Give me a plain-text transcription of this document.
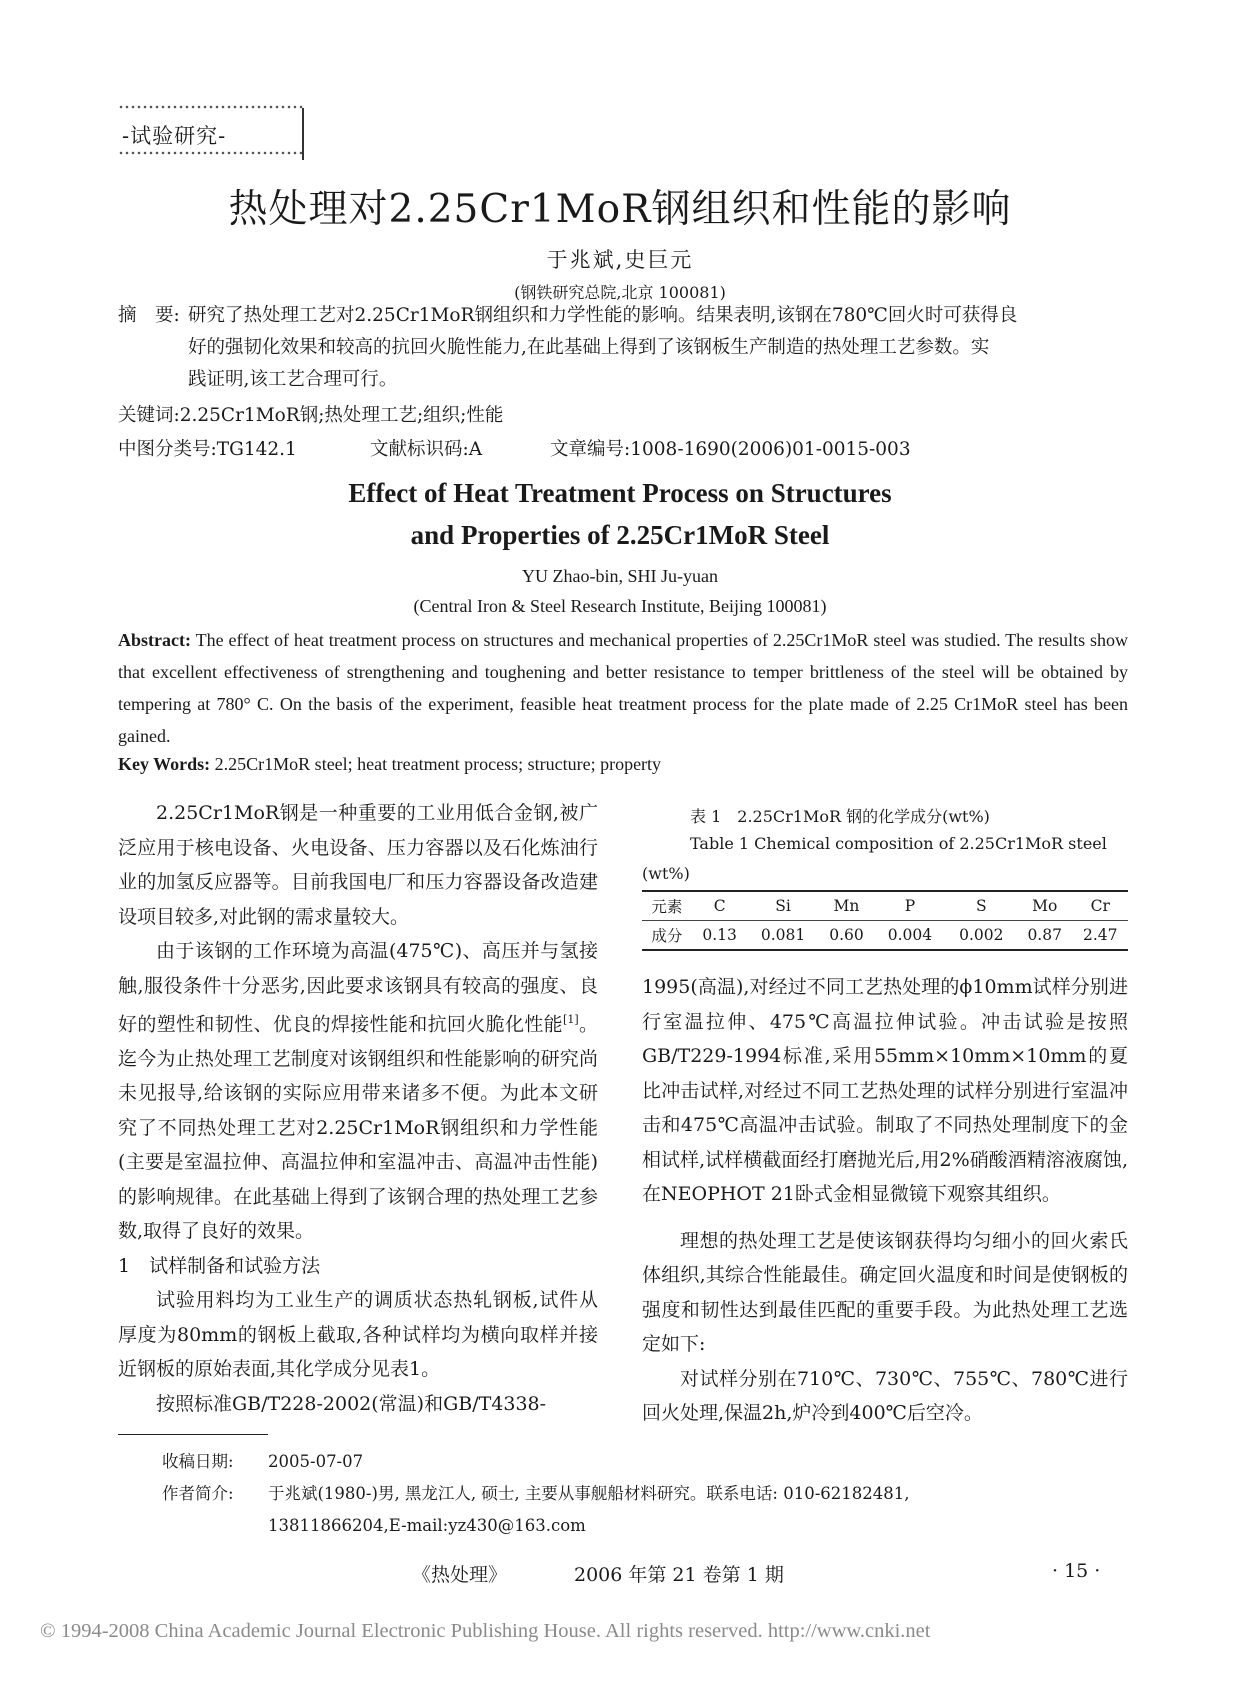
-试验研究-
热处理对2.25Cr1MoR钢组织和性能的影响
于兆斌,史巨元
(钢铁研究总院,北京 100081)
摘　要: 研究了热处理工艺对2.25Cr1MoR钢组织和力学性能的影响。结果表明,该钢在780℃回火时可获得良
好的强韧化效果和较高的抗回火脆性能力,在此基础上得到了该钢板生产制造的热处理工艺参数。实
践证明,该工艺合理可行。
关键词:2.25Cr1MoR钢;热处理工艺;组织;性能
中图分类号:TG142.1	文献标识码:A	文章编号:1008-1690(2006)01-0015-003
Effect of Heat Treatment Process on Structures
and Properties of 2.25Cr1MoR Steel
YU Zhao-bin, SHI Ju-yuan
(Central Iron & Steel Research Institute, Beijing 100081)
Abstract: The effect of heat treatment process on structures and mechanical properties of 2.25Cr1MoR steel was studied. The results show that excellent effectiveness of strengthening and toughening and better resistance to temper brittleness of the steel will be obtained by tempering at 780° C. On the basis of the experiment, feasible heat treatment process for the plate made of 2.25 Cr1MoR steel has been gained.
Key Words: 2.25Cr1MoR steel; heat treatment process; structure; property

2.25Cr1MoR钢是一种重要的工业用低合金钢,被广泛应用于核电设备、火电设备、压力容器以及石化炼油行业的加氢反应器等。目前我国电厂和压力容器设备改造建设项目较多,对此钢的需求量较大。

由于该钢的工作环境为高温(475℃)、高压并与氢接触,服役条件十分恶劣,因此要求该钢具有较高的强度、良好的塑性和韧性、优良的焊接性能和抗回火脆化性能[1]。迄今为止热处理工艺制度对该钢组织和性能影响的研究尚未见报导,给该钢的实际应用带来诸多不便。为此本文研究了不同热处理工艺对2.25Cr1MoR钢组织和力学性能(主要是室温拉伸、高温拉伸和室温冲击、高温冲击性能)的影响规律。在此基础上得到了该钢合理的热处理工艺参数,取得了良好的效果。

1　试样制备和试验方法

试验用料均为工业生产的调质状态热轧钢板,试件从厚度为80mm的钢板上截取,各种试样均为横向取样并接近钢板的原始表面,其化学成分见表1。

按照标准GB/T228-2002(常温)和GB/T4338-

表 1　2.25Cr1MoR 钢的化学成分(wt%)
Table 1 Chemical composition of 2.25Cr1MoR steel
(wt%)
元素	C	Si	Mn	P	S	Mo	Cr
成分	0.13	0.081	0.60	0.004	0.002	0.87	2.47

1995(高温),对经过不同工艺热处理的ϕ10mm试样分别进行室温拉伸、475℃高温拉伸试验。冲击试验是按照GB/T229-1994标准,采用55mm×10mm×10mm的夏比冲击试样,对经过不同工艺热处理的试样分别进行室温冲击和475℃高温冲击试验。制取了不同热处理制度下的金相试样,试样横截面经打磨抛光后,用2%硝酸酒精溶液腐蚀,在NEOPHOT 21卧式金相显微镜下观察其组织。

理想的热处理工艺是使该钢获得均匀细小的回火索氏体组织,其综合性能最佳。确定回火温度和时间是使钢板的强度和韧性达到最佳匹配的重要手段。为此热处理工艺选定如下:

对试样分别在710℃、730℃、755℃、780℃进行回火处理,保温2h,炉冷到400℃后空冷。

收稿日期: 2005-07-07
作者简介: 于兆斌(1980-)男, 黑龙江人, 硕士, 主要从事舰船材料研究。联系电话: 010-62182481,
13811866204,E-mail:yz430@163.com
《热处理》	2006 年第 21 卷第 1 期	· 15 ·
© 1994-2008 China Academic Journal Electronic Publishing House. All rights reserved. http://www.cnki.net
